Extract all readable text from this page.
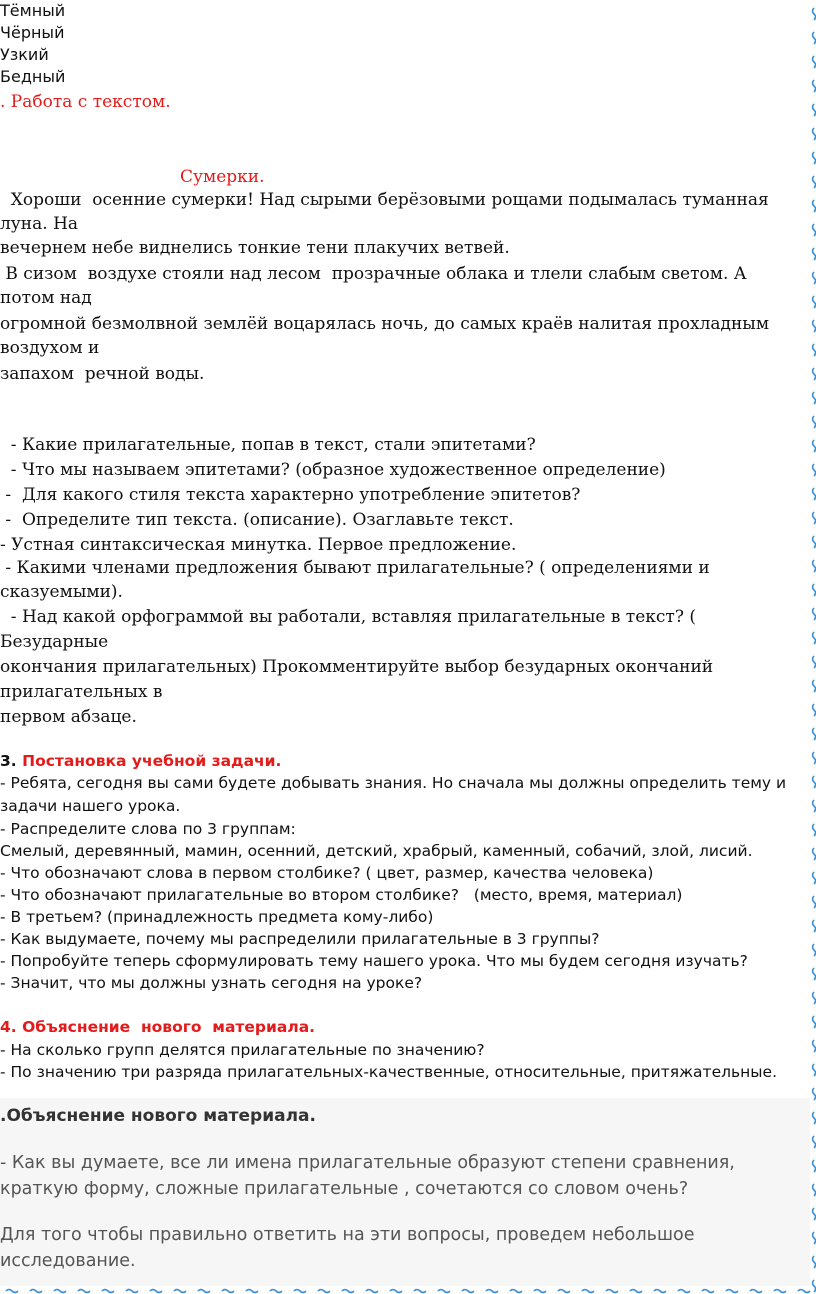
Тёмный
Чёрный
Узкий
Бедный
. Работа с текстом.
Сумерки.
Хороши  осенние сумерки! Над сырыми берёзовыми рощами подымалась туманная
луна. На
вечернем небе виднелись тонкие тени плакучих ветвей.
В сизом  воздухе стояли над лесом  прозрачные облака и тлели слабым светом. А
потом над
огромной безмолвной землёй воцарялась ночь, до самых краёв налитая прохладным
воздухом и
запахом  речной воды.
- Какие прилагательные, попав в текст, стали эпитетами?
- Что мы называем эпитетами? (образное художественное определение)
-  Для какого стиля текста характерно употребление эпитетов?
-  Определите тип текста. (описание). Озаглавьте текст.
- Устная синтаксическая минутка. Первое предложение.
- Какими членами предложения бывают прилагательные? ( определениями и
сказуемыми).
- Над какой орфограммой вы работали, вставляя прилагательные в текст? (
Безударные
окончания прилагательных) Прокомментируйте выбор безударных окончаний
прилагательных в
первом абзаце.
3. Постановка учебной задачи.
- Ребята, сегодня вы сами будете добывать знания. Но сначала мы должны определить тему и
задачи нашего урока.
- Распределите слова по 3 группам:
Смелый, деревянный, мамин, осенний, детский, храбрый, каменный, собачий, злой, лисий.
- Что обозначают слова в первом столбике? ( цвет, размер, качества человека)
- Что обозначают прилагательные во втором столбике?   (место, время, материал)
- В третьем? (принадлежность предмета кому-либо)
- Как выдумаете, почему мы распределили прилагательные в 3 группы?
- Попробуйте теперь сформулировать тему нашего урока. Что мы будем сегодня изучать?
- Значит, что мы должны узнать сегодня на уроке?
4. Объяснение  нового  материала.
- На сколько групп делятся прилагательные по значению?
- По значению три разряда прилагательных-качественные, относительные, притяжательные.
.Объяснение нового материала.
- Как вы думаете, все ли имена прилагательные образуют степени сравнения,
краткую форму, сложные прилагательные , сочетаются со словом очень?
Для того чтобы правильно ответить на эти вопросы, проведем небольшое
исследование.
